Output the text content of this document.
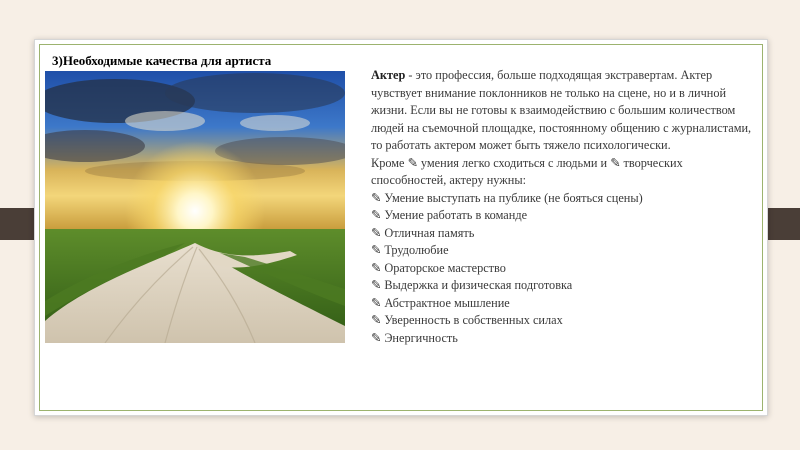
3)Необходимые качества для артиста

Актер - это профессия, больше подходящая экстравертам. Актер чувствует внимание поклонников не только на сцене, но и в личной жизни. Если вы не готовы к взаимодействию с большим количеством людей на съемочной площадке, постоянному общению с журналистами, то работать актером может быть тяжело психологически.

Кроме ✎ умения легко сходиться с людьми и ✎ творческих способностей, актеру нужны:

✎ Умение выступать на публике (не бояться сцены)
✎ Умение работать в команде
✎ Отличная память
✎ Трудолюбие
✎ Ораторское мастерство
✎ Выдержка и физическая подготовка
✎ Абстрактное мышление
✎ Уверенность в собственных силах
✎ Энергичность
